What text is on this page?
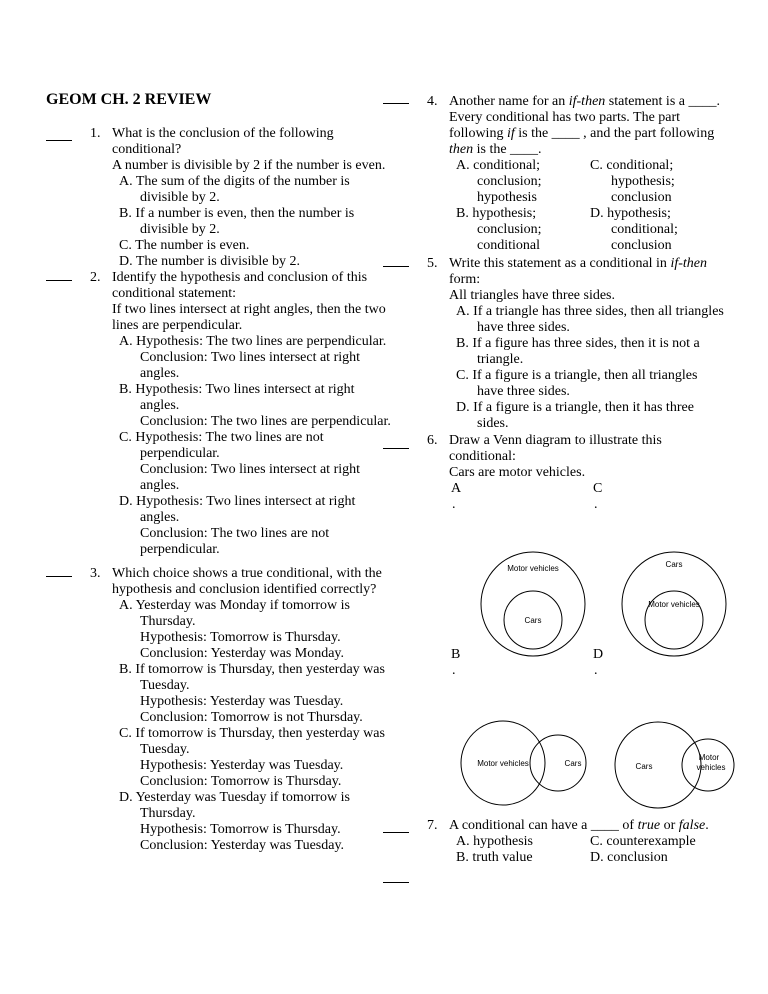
GEOM CH. 2 REVIEW
1. What is the conclusion of the following
conditional?
A number is divisible by 2 if the number is even.
A. The sum of the digits of the number is
divisible by 2.
B. If a number is even, then the number is
divisible by 2.
C. The number is even.
D. The number is divisible by 2.
2. Identify the hypothesis and conclusion of this
conditional statement:
If two lines intersect at right angles, then the two
lines are perpendicular.
A. Hypothesis: The two lines are perpendicular.
Conclusion: Two lines intersect at right
angles.
B. Hypothesis: Two lines intersect at right
angles.
Conclusion: The two lines are perpendicular.
C. Hypothesis: The two lines are not
perpendicular.
Conclusion: Two lines intersect at right
angles.
D. Hypothesis: Two lines intersect at right
angles.
Conclusion: The two lines are not
perpendicular.
3. Which choice shows a true conditional, with the
hypothesis and conclusion identified correctly?
A. Yesterday was Monday if tomorrow is
Thursday.
Hypothesis: Tomorrow is Thursday.
Conclusion: Yesterday was Monday.
B. If tomorrow is Thursday, then yesterday was
Tuesday.
Hypothesis: Yesterday was Tuesday.
Conclusion: Tomorrow is not Thursday.
C. If tomorrow is Thursday, then yesterday was
Tuesday.
Hypothesis: Yesterday was Tuesday.
Conclusion: Tomorrow is Thursday.
D. Yesterday was Tuesday if tomorrow is
Thursday.
Hypothesis: Tomorrow is Thursday.
Conclusion: Yesterday was Tuesday.
4. Another name for an if-then statement is a ____.
Every conditional has two parts. The part
following if is the ____ , and the part following
then is the ____.
A. conditional;
conclusion;
hypothesis
B. hypothesis;
conclusion;
conditional
C. conditional;
hypothesis;
conclusion
D. hypothesis;
conditional;
conclusion
5. Write this statement as a conditional in if-then
form:
All triangles have three sides.
A. If a triangle has three sides, then all triangles
have three sides.
B. If a figure has three sides, then it is not a
triangle.
C. If a figure is a triangle, then all triangles
have three sides.
D. If a figure is a triangle, then it has three
sides.
6. Draw a Venn diagram to illustrate this
conditional:
Cars are motor vehicles.
A
.
C
.
B
.
D
.
Motor vehicles
Cars
Cars
Motor vehicles
Motor vehicles	Cars	Cars
Motor
vehicles
7. A conditional can have a ____ of true or false.
A. hypothesis
B. truth value
C. counterexample
D. conclusion
